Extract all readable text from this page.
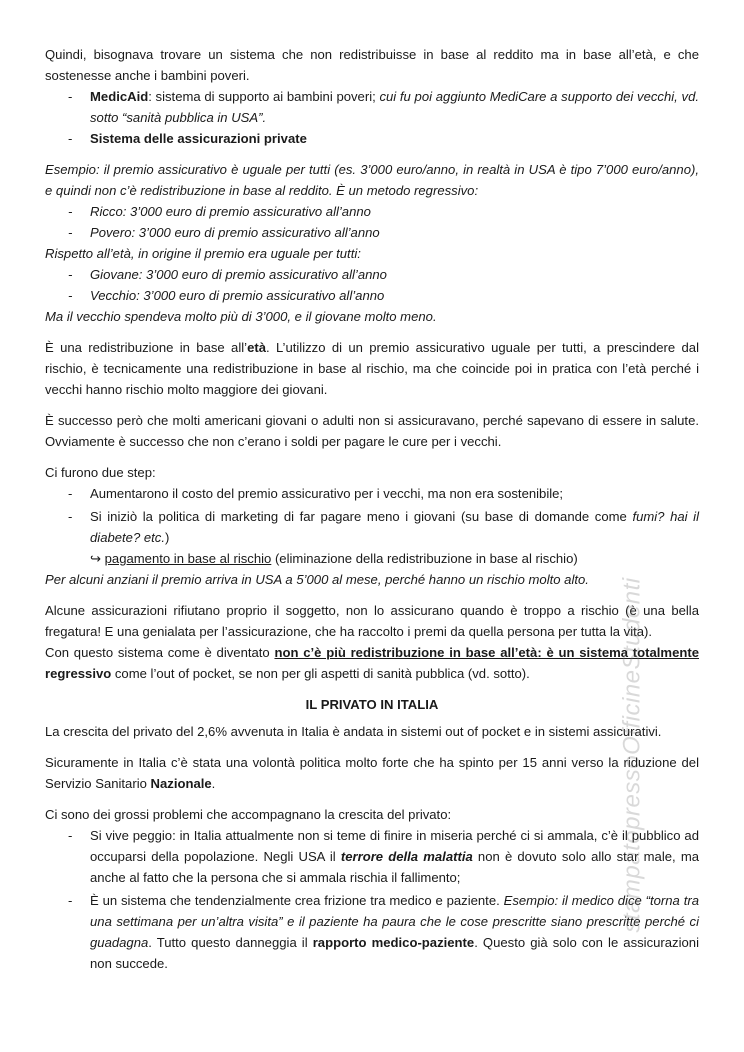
Quindi, bisognava trovare un sistema che non redistribuisse in base al reddito ma in base all’età, e che sostenesse anche i bambini poveri.

- MedicAid: sistema di supporto ai bambini poveri; cui fu poi aggiunto MediCare a supporto dei vecchi, vd. sotto “sanità pubblica in USA”.
- Sistema delle assicurazioni private

Esempio: il premio assicurativo è uguale per tutti (es. 3’000 euro/anno, in realtà in USA è tipo 7’000 euro/anno), e quindi non c’è redistribuzione in base al reddito. È un metodo regressivo:

- Ricco: 3’000 euro di premio assicurativo all’anno
- Povero: 3’000 euro di premio assicurativo all’anno

Rispetto all’età, in origine il premio era uguale per tutti:

- Giovane: 3’000 euro di premio assicurativo all’anno
- Vecchio: 3’000 euro di premio assicurativo all’anno

Ma il vecchio spendeva molto più di 3’000, e il giovane molto meno.

È una redistribuzione in base all’età. L’utilizzo di un premio assicurativo uguale per tutti, a prescindere dal rischio, è tecnicamente una redistribuzione in base al rischio, ma che coincide poi in pratica con l’età perché i vecchi hanno rischio molto maggiore dei giovani.

È successo però che molti americani giovani o adulti non si assicuravano, perché sapevano di essere in salute. Ovviamente è successo che non c’erano i soldi per pagare le cure per i vecchi.

Ci furono due step:

- Aumentarono il costo del premio assicurativo per i vecchi, ma non era sostenibile;
- Si iniziò la politica di marketing di far pagare meno i giovani (su base di domande come fumi? hai il diabete? etc.)

↪ pagamento in base al rischio (eliminazione della redistribuzione in base al rischio)

Per alcuni anziani il premio arriva in USA a 5’000 al mese, perché hanno un rischio molto alto.

Alcune assicurazioni rifiutano proprio il soggetto, non lo assicurano quando è troppo a rischio (è una bella fregatura! E una genialata per l’assicurazione, che ha raccolto i premi da quella persona per tutta la vita).

Con questo sistema come è diventato non c’è più redistribuzione in base all’età: è un sistema totalmente regressivo come l’out of pocket, se non per gli aspetti di sanità pubblica (vd. sotto).

IL PRIVATO IN ITALIA

La crescita del privato del 2,6% avvenuta in Italia è andata in sistemi out of pocket e in sistemi assicurativi.

Sicuramente in Italia c’è stata una volontà politica molto forte che ha spinto per 15 anni verso la riduzione del Servizio Sanitario Nazionale.

Ci sono dei grossi problemi che accompagnano la crescita del privato:

- Si vive peggio: in Italia attualmente non si teme di finire in miseria perché ci si ammala, c’è il pubblico ad occuparsi della popolazione. Negli USA il terrore della malattia non è dovuto solo allo star male, ma anche al fatto che la persona che si ammala rischia il fallimento;
- È un sistema che tendenzialmente crea frizione tra medico e paziente. Esempio: il medico dice “torna tra una settimana per un’altra visita” e il paziente ha paura che le cose prescritte siano prescritte perché ci guadagna. Tutto questo danneggia il rapporto medico-paziente. Questo già solo con le assicurazioni non succede.
stampatopressoOfficineStudenti
